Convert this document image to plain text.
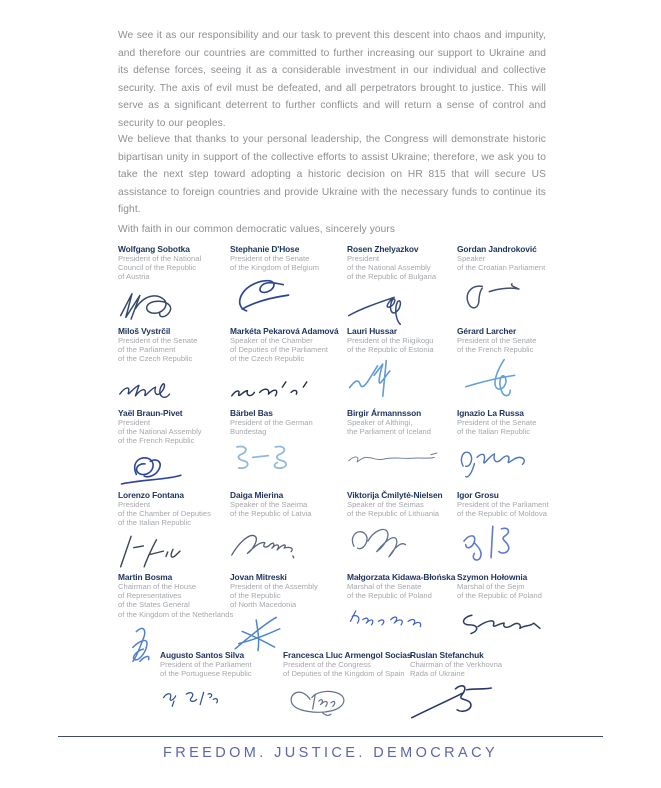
We see it as our responsibility and our task to prevent this descent into chaos and impunity, and therefore our countries are committed to further increasing our support to Ukraine and its defense forces, seeing it as a considerable investment in our individual and collective security. The axis of evil must be defeated, and all perpetrators brought to justice. This will serve as a significant deterrent to further conflicts and will return a sense of control and security to our peoples.

We believe that thanks to your personal leadership, the Congress will demonstrate historic bipartisan unity in support of the collective efforts to assist Ukraine; therefore, we ask you to take the next step toward adopting a historic decision on HR 815 that will secure US assistance to foreign countries and provide Ukraine with the necessary funds to continue its fight.

With faith in our common democratic values, sincerely yours

Wolfgang Sobotka
President of the National
Council of the Republic
of Austria
Stephanie D'Hose
President of the Senate
of the Kingdom of Belgium
Rosen Zhelyazkov
President
of the National Assembly
of the Republic of Bulgaria
Gordan Jandroković
Speaker
of the Croatian Parliament
Miloš Vystrčil
President of the Senate
of the Parliament
of the Czech Republic
Markéta Pekarová Adamová
Speaker of the Chamber
of Deputies of the Parliament
of the Czech Republic
Lauri Hussar
President of the Riigikogu
of the Republic of Estonia
Gérard Larcher
President of the Senate
of the French Republic
Yaël Braun-Pivet
President
of the National Assembly
of the French Republic
Bärbel Bas
President of the German
Bundestag
Birgir Ármannsson
Speaker of Althingi,
the Parliament of Iceland
Ignazio La Russa
President of the Senate
of the Italian Republic
Lorenzo Fontana
President
of the Chamber of Deputies
of the Italian Republic
Daiga Mierina
Speaker of the Saeima
of the Republic of Latvia
Viktorija Čmilytė-Nielsen
Speaker of the Seimas
of the Republic of Lithuania
Igor Grosu
President of the Parliament
of the Republic of Moldova
Martin Bosma
Chairman of the House
of Representatives
of the States General
of the Kingdom of the Netherlands
Jovan Mitreski
President of the Assembly
of the Republic
of North Macedonia
Małgorzata Kidawa-Błońska
Marshal of the Senate
of the Republic of Poland
Szymon Hołownia
Marshal of the Sejm
of the Republic of Poland
Augusto Santos Silva
President of the Parliament
of the Portuguese Republic
Francesca Lluc Armengol Socias
President of the Congress
of Deputies of the Kingdom of Spain
Ruslan Stefanchuk
Chairman of the Verkhovna
Rada of Ukraine
FREEDOM. JUSTICE. DEMOCRACY
